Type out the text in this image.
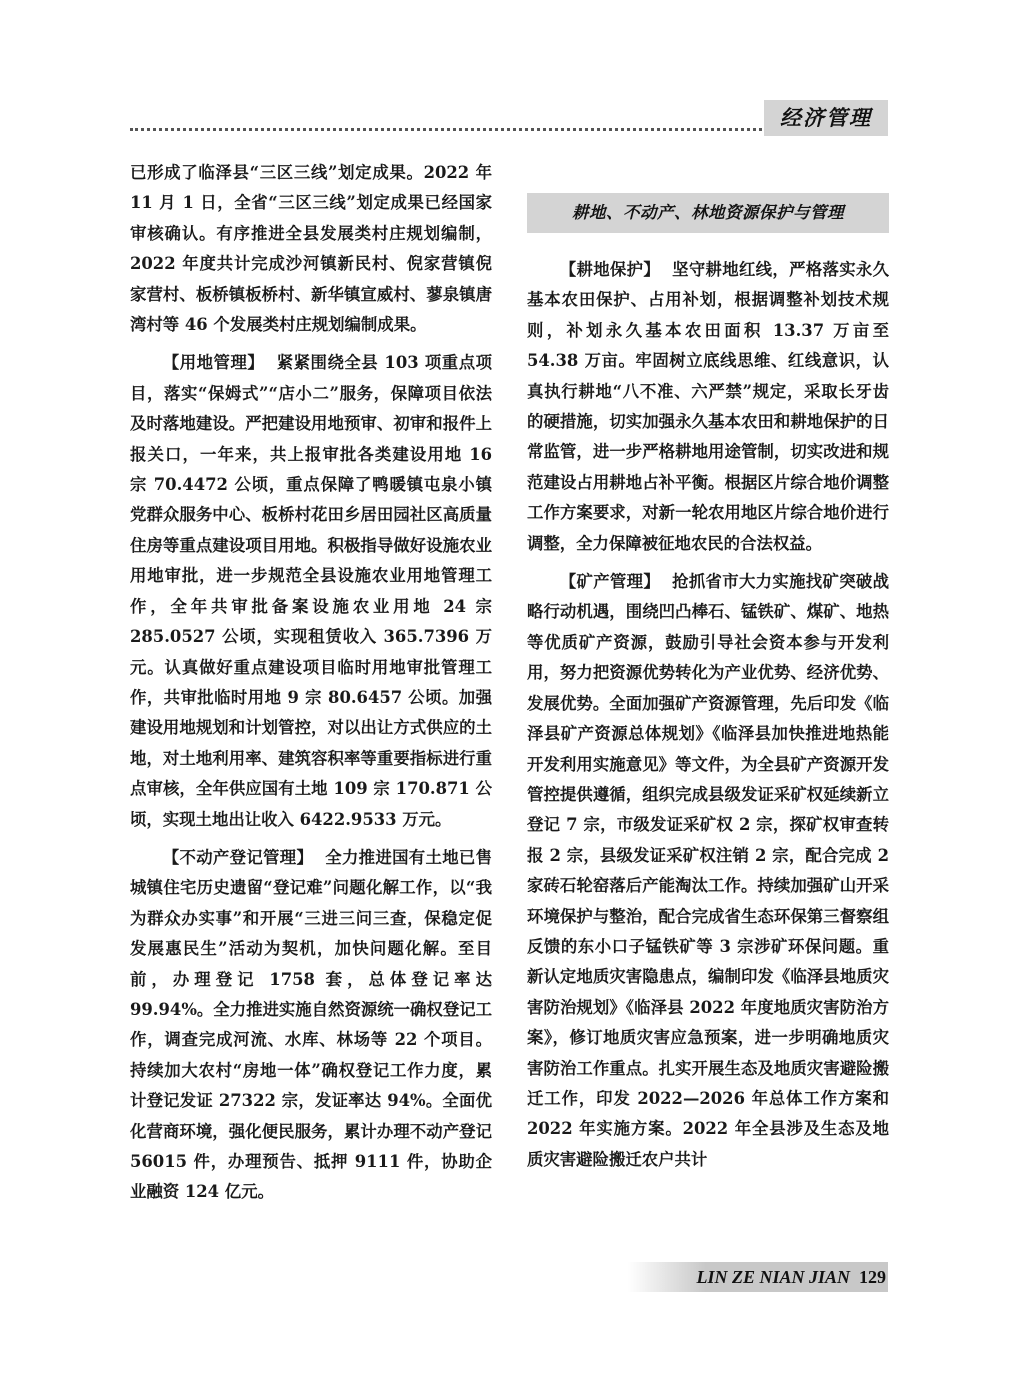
经济管理

已形成了临泽县“三区三线”划定成果。2022 年 11 月 1 日，全省“三区三线”划定成果已经国家审核确认。有序推进全县发展类村庄规划编制，2022 年度共计完成沙河镇新民村、倪家营镇倪家营村、板桥镇板桥村、新华镇宣威村、蓼泉镇唐湾村等 46 个发展类村庄规划编制成果。

【用地管理】 紧紧围绕全县 103 项重点项目，落实“保姆式”“店小二”服务，保障项目依法及时落地建设。严把建设用地预审、初审和报件上报关口，一年来，共上报审批各类建设用地 16 宗 70.4472 公顷，重点保障了鸭暖镇屯泉小镇党群众服务中心、板桥村花田乡居田园社区高质量住房等重点建设项目用地。积极指导做好设施农业用地审批，进一步规范全县设施农业用地管理工作，全年共审批备案设施农业用地 24 宗 285.0527 公顷，实现租赁收入 365.7396 万元。认真做好重点建设项目临时用地审批管理工作，共审批临时用地 9 宗 80.6457 公顷。加强建设用地规划和计划管控，对以出让方式供应的土地，对土地利用率、建筑容积率等重要指标进行重点审核，全年供应国有土地 109 宗 170.871 公顷，实现土地出让收入 6422.9533 万元。

【不动产登记管理】 全力推进国有土地已售城镇住宅历史遗留“登记难”问题化解工作，以“我为群众办实事”和开展“三进三问三查，保稳定促发展惠民生”活动为契机，加快问题化解。至目前，办理登记 1758 套，总体登记率达 99.94%。全力推进实施自然资源统一确权登记工作，调查完成河流、水库、林场等 22 个项目。持续加大农村“房地一体”确权登记工作力度，累计登记发证 27322 宗，发证率达 94%。全面优化营商环境，强化便民服务，累计办理不动产登记 56015 件，办理预告、抵押 9111 件，协助企业融资 124 亿元。

耕地、不动产、林地资源保护与管理

【耕地保护】 坚守耕地红线，严格落实永久基本农田保护、占用补划，根据调整补划技术规则，补划永久基本农田面积 13.37 万亩至 54.38 万亩。牢固树立底线思维、红线意识，认真执行耕地“八不准、六严禁”规定，采取长牙齿的硬措施，切实加强永久基本农田和耕地保护的日常监管，进一步严格耕地用途管制，切实改进和规范建设占用耕地占补平衡。根据区片综合地价调整工作方案要求，对新一轮农用地区片综合地价进行调整，全力保障被征地农民的合法权益。

【矿产管理】 抢抓省市大力实施找矿突破战略行动机遇，围绕凹凸棒石、锰铁矿、煤矿、地热等优质矿产资源，鼓励引导社会资本参与开发利用，努力把资源优势转化为产业优势、经济优势、发展优势。全面加强矿产资源管理，先后印发《临泽县矿产资源总体规划》《临泽县加快推进地热能开发利用实施意见》等文件，为全县矿产资源开发管控提供遵循，组织完成县级发证采矿权延续新立登记 7 宗，市级发证采矿权 2 宗，探矿权审查转报 2 宗，县级发证采矿权注销 2 宗，配合完成 2 家砖石轮窑落后产能淘汰工作。持续加强矿山开采环境保护与整治，配合完成省生态环保第三督察组反馈的东小口子锰铁矿等 3 宗涉矿环保问题。重新认定地质灾害隐患点，编制印发《临泽县地质灾害防治规划》《临泽县 2022 年度地质灾害防治方案》，修订地质灾害应急预案，进一步明确地质灾害防治工作重点。扎实开展生态及地质灾害避险搬迁工作，印发 2022—2026 年总体工作方案和 2022 年实施方案。2022 年全县涉及生态及地质灾害避险搬迁农户共计

LIN ZE NIAN JIAN 129
